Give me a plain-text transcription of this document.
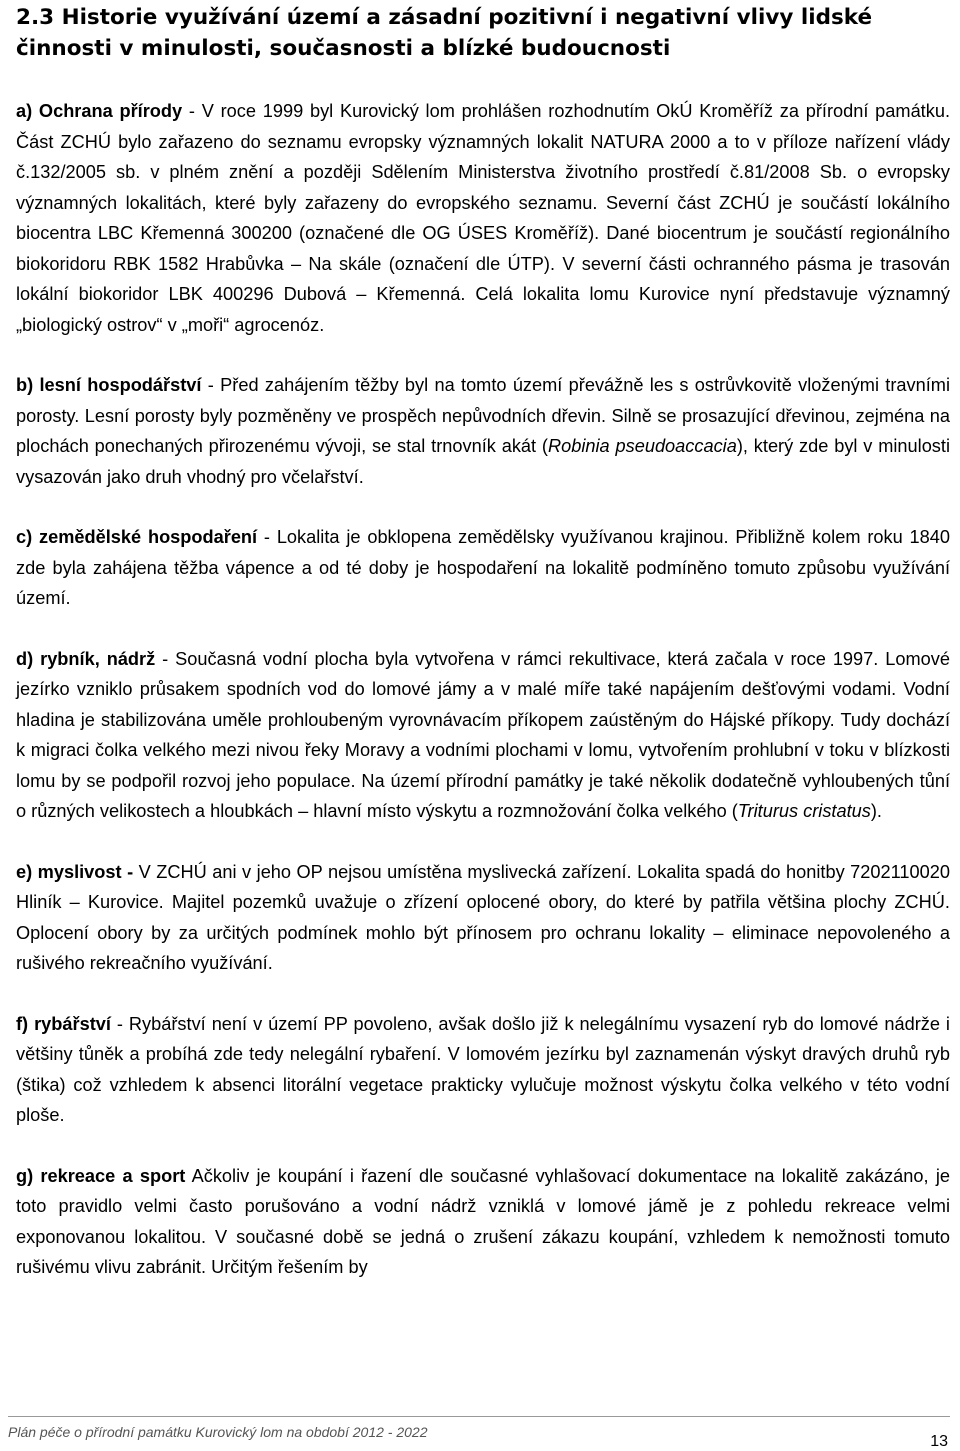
2.3 Historie využívání území a zásadní pozitivní i negativní vlivy lidské činnosti v minulosti, současnosti a blízké budoucnosti

a) Ochrana přírody - V roce 1999 byl Kurovický lom prohlášen rozhodnutím OkÚ Kroměříž za přírodní památku. Část ZCHÚ bylo zařazeno do seznamu evropsky významných lokalit NATURA 2000 a to v příloze nařízení vlády č.132/2005 sb. v plném znění a později Sdělením Ministerstva životního prostředí č.81/2008 Sb. o evropsky významných lokalitách, které byly zařazeny do evropského seznamu. Severní část ZCHÚ je součástí lokálního biocentra LBC Křemenná 300200 (označené dle OG ÚSES Kroměříž). Dané biocentrum je součástí regionálního biokoridoru RBK 1582 Hrabůvka – Na skále (označení dle ÚTP). V severní části ochranného pásma je trasován lokální biokoridor LBK 400296 Dubová – Křemenná. Celá lokalita lomu Kurovice nyní představuje významný „biologický ostrov“ v „moři“ agrocenóz.

b) lesní hospodářství - Před zahájením těžby byl na tomto území převážně les s ostrůvkovitě vloženými travními porosty. Lesní porosty byly pozměněny ve prospěch nepůvodních dřevin. Silně se prosazující dřevinou, zejména na plochách ponechaných přirozenému vývoji, se stal trnovník akát (Robinia pseudoaccacia), který zde byl v minulosti vysazován jako druh vhodný pro včelařství.

c) zemědělské hospodaření - Lokalita je obklopena zemědělsky využívanou krajinou. Přibližně kolem roku 1840 zde byla zahájena těžba vápence a od té doby je hospodaření na lokalitě podmíněno tomuto způsobu využívání území.

d) rybník, nádrž - Současná vodní plocha byla vytvořena v rámci rekultivace, která začala v roce 1997. Lomové jezírko vzniklo průsakem spodních vod do lomové jámy a v malé míře také napájením dešťovými vodami. Vodní hladina je stabilizována uměle prohloubeným vyrovnávacím příkopem zaústěným do Hájské příkopy. Tudy dochází k migraci čolka velkého mezi nivou řeky Moravy a vodními plochami v lomu, vytvořením prohlubní v toku v blízkosti lomu by se podpořil rozvoj jeho populace. Na území přírodní památky je také několik dodatečně vyhloubených tůní o různých velikostech a hloubkách – hlavní místo výskytu a rozmnožování čolka velkého (Triturus cristatus).

e) myslivost - V ZCHÚ ani v jeho OP nejsou umístěna myslivecká zařízení. Lokalita spadá do honitby 7202110020 Hliník – Kurovice. Majitel pozemků uvažuje o zřízení oplocené obory, do které by patřila většina plochy ZCHÚ. Oplocení obory by za určitých podmínek mohlo být přínosem pro ochranu lokality – eliminace nepovoleného a rušivého rekreačního využívání.

f) rybářství - Rybářství není v území PP povoleno, avšak došlo již k nelegálnímu vysazení ryb do lomové nádrže i většiny tůněk a probíhá zde tedy nelegální rybaření. V lomovém jezírku byl zaznamenán výskyt dravých druhů ryb (štika) což vzhledem k absenci litorální vegetace prakticky vylučuje možnost výskytu čolka velkého v této vodní ploše.

g) rekreace a sport Ačkoliv je koupání i řazení dle současné vyhlašovací dokumentace na lokalitě zakázáno, je toto pravidlo velmi často porušováno a vodní nádrž vzniklá v lomové jámě je z pohledu rekreace velmi exponovanou lokalitou. V současné době se jedná o zrušení zákazu koupání, vzhledem k nemožnosti tomuto rušivému vlivu zabránit. Určitým řešením by

Plán péče o přírodní památku Kurovický lom na období 2012 - 2022
13
